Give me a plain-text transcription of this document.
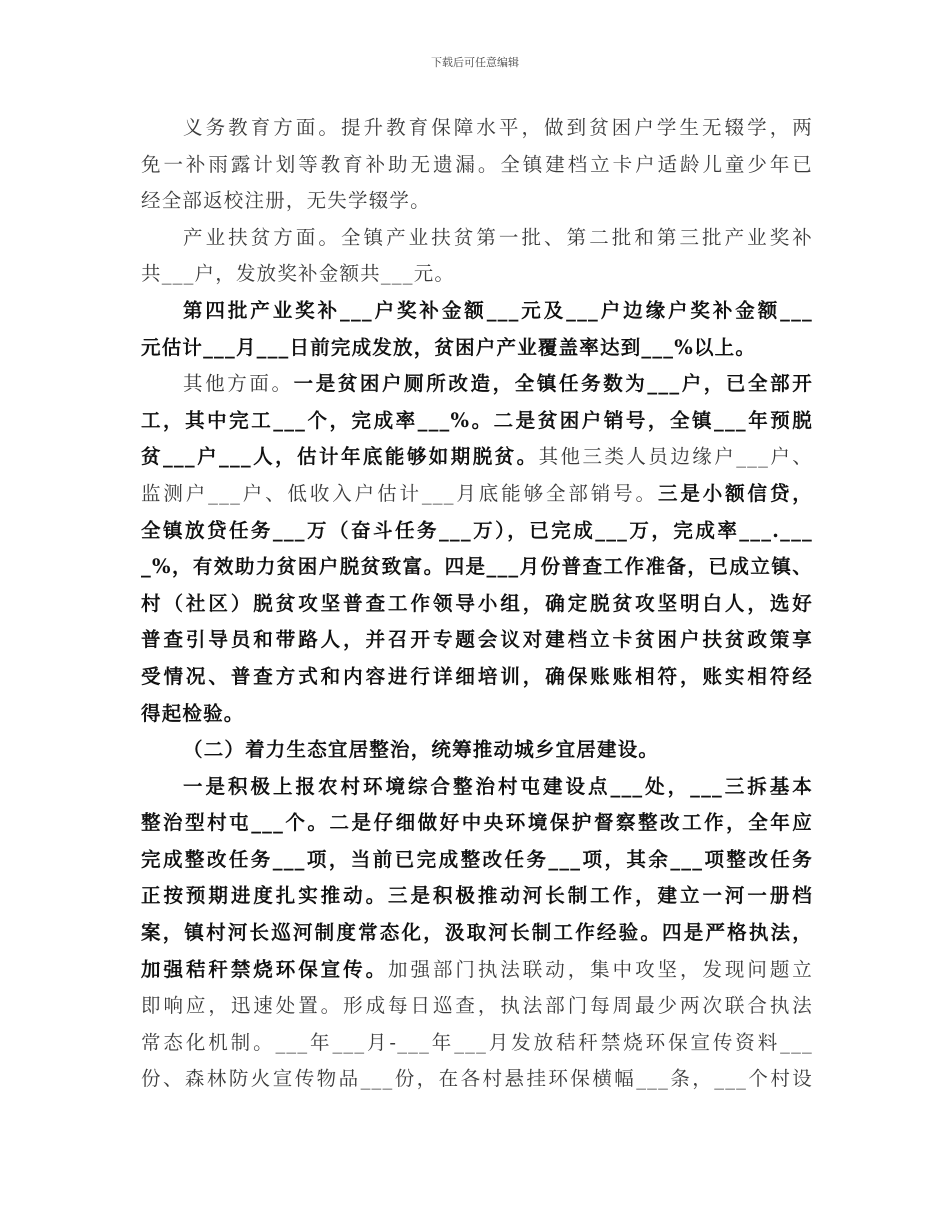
下载后可任意编辑
义务教育方面。提升教育保障水平，做到贫困户学生无辍学，两
免一补雨露计划等教育补助无遗漏。全镇建档立卡户适龄儿童少年已
经全部返校注册，无失学辍学。
产业扶贫方面。全镇产业扶贫第一批、第二批和第三批产业奖补
共___户，发放奖补金额共___元。
第四批产业奖补___户奖补金额___元及___户边缘户奖补金额___
元估计___月___日前完成发放，贫困户产业覆盖率达到___%以上。
其他方面。一是贫困户厕所改造，全镇任务数为___户，已全部开
工，其中完工___个，完成率___%。二是贫困户销号，全镇___年预脱
贫___户___人，估计年底能够如期脱贫。其他三类人员边缘户___户、
监测户___户、低收入户估计___月底能够全部销号。三是小额信贷，
全镇放贷任务___万（奋斗任务___万），已完成___万，完成率___.___
_%，有效助力贫困户脱贫致富。四是___月份普查工作准备，已成立镇、
村（社区）脱贫攻坚普查工作领导小组，确定脱贫攻坚明白人，选好
普查引导员和带路人，并召开专题会议对建档立卡贫困户扶贫政策享
受情况、普查方式和内容进行详细培训，确保账账相符，账实相符经
得起检验。
（二）着力生态宜居整治，统筹推动城乡宜居建设。
一是积极上报农村环境综合整治村屯建设点___处，___三拆基本
整治型村屯___个。二是仔细做好中央环境保护督察整改工作，全年应
完成整改任务___项，当前已完成整改任务___项，其余___项整改任务
正按预期进度扎实推动。三是积极推动河长制工作，建立一河一册档
案，镇村河长巡河制度常态化，汲取河长制工作经验。四是严格执法，
加强秸秆禁烧环保宣传。加强部门执法联动，集中攻坚，发现问题立
即响应，迅速处置。形成每日巡查，执法部门每周最少两次联合执法
常态化机制。___年___月-___年___月发放秸秆禁烧环保宣传资料___
份、森林防火宣传物品___份，在各村悬挂环保横幅___条，___个村设
